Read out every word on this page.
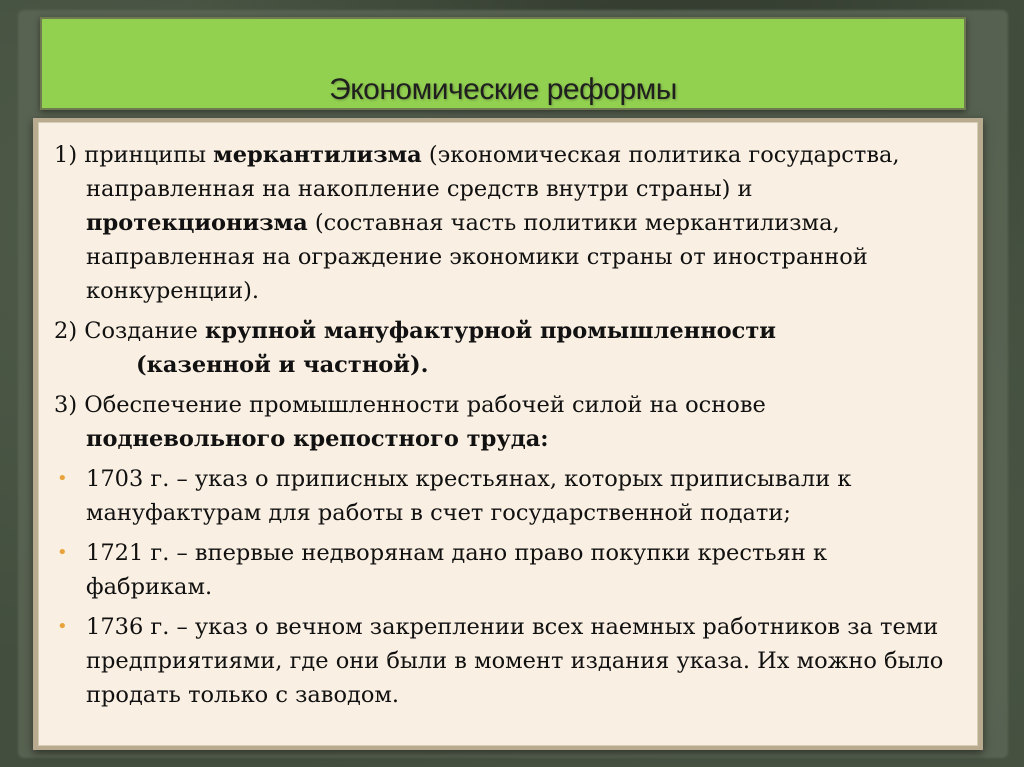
Экономические реформы

1) принципы меркантилизма (экономическая политика государства, направленная на накопление средств внутри страны) и протекционизма (составная часть политики меркантилизма, направленная на ограждение экономики страны от иностранной конкуренции).

2) Создание крупной мануфактурной промышленности
(казенной и частной).

3) Обеспечение промышленности рабочей силой на основе подневольного крепостного труда:

• 1703 г. – указ о приписных крестьянах, которых приписывали к мануфактурам для работы в счет государственной подати;
• 1721 г. – впервые недворянам дано право покупки крестьян к фабрикам.
• 1736 г. – указ о вечном закреплении всех наемных работников за теми предприятиями, где они были в момент издания указа. Их можно было продать только с заводом.
